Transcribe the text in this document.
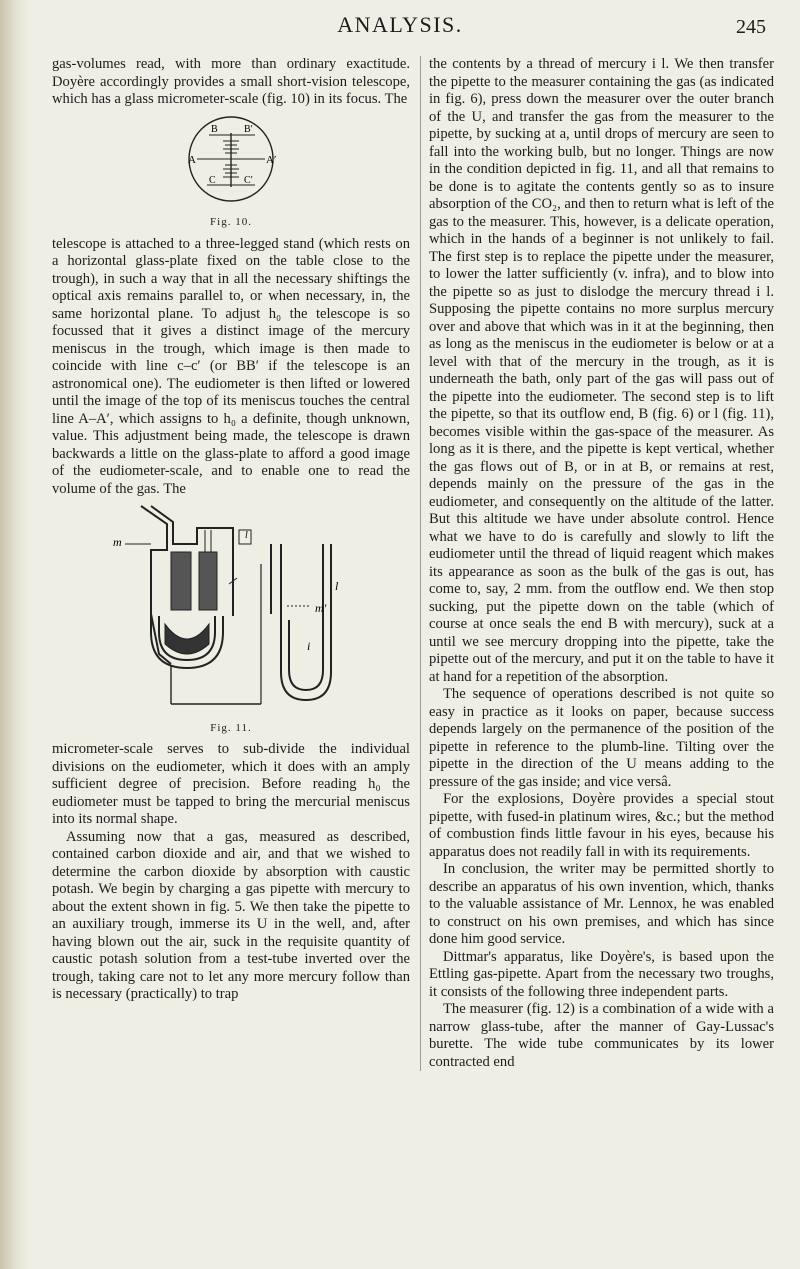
ANALYSIS.	245

gas-volumes read, with more than ordinary exactitude. Doyère accordingly provides a small short-vision telescope, which has a glass micrometer-scale (fig. 10) in its focus. The

B	B′
A	A′
C	C′
Fig. 10.

telescope is attached to a three-legged stand (which rests on a horizontal glass-plate fixed on the table close to the trough), in such a way that in all the necessary shiftings the optical axis remains parallel to, or when necessary, in, the same horizontal plane. To adjust h₀ the telescope is so focussed that it gives a distinct image of the mercury meniscus in the trough, which image is then made to coincide with line c–c′ (or BB′ if the telescope is an astronomical one). The eudiometer is then lifted or lowered until the image of the top of its meniscus touches the central line A–A′, which assigns to h₀ a definite, though unknown, value. This adjustment being made, the telescope is drawn backwards a little on the glass-plate to afford a good image of the eudiometer-scale, and to enable one to read the volume of the gas. The

m	l
l
i
m′
Fig. 11.

micrometer-scale serves to sub-divide the individual divisions on the eudiometer, which it does with an amply sufficient degree of precision. Before reading h₀ the eudiometer must be tapped to bring the mercurial meniscus into its normal shape.

Assuming now that a gas, measured as described, contained carbon dioxide and air, and that we wished to determine the carbon dioxide by absorption with caustic potash. We begin by charging a gas pipette with mercury to about the extent shown in fig. 5. We then take the pipette to an auxiliary trough, immerse its U in the well, and, after having blown out the air, suck in the requisite quantity of caustic potash solution from a test-tube inverted over the trough, taking care not to let any more mercury follow than is necessary (practically) to trap

the contents by a thread of mercury i l. We then transfer the pipette to the measurer containing the gas (as indicated in fig. 6), press down the measurer over the outer branch of the U, and transfer the gas from the measurer to the pipette, by sucking at a, until drops of mercury are seen to fall into the working bulb, but no longer. Things are now in the condition depicted in fig. 11, and all that remains to be done is to agitate the contents gently so as to insure absorption of the CO₂, and then to return what is left of the gas to the measurer. This, however, is a delicate operation, which in the hands of a beginner is not unlikely to fail. The first step is to replace the pipette under the measurer, to lower the latter sufficiently (v. infra), and to blow into the pipette so as just to dislodge the mercury thread i l. Supposing the pipette contains no more surplus mercury over and above that which was in it at the beginning, then as long as the meniscus in the eudiometer is below or at a level with that of the mercury in the trough, as it is underneath the bath, only part of the gas will pass out of the pipette into the eudiometer. The second step is to lift the pipette, so that its outflow end, B (fig. 6) or l (fig. 11), becomes visible within the gas-space of the measurer. As long as it is there, and the pipette is kept vertical, whether the gas flows out of B, or in at B, or remains at rest, depends mainly on the pressure of the gas in the eudiometer, and consequently on the altitude of the latter. But this altitude we have under absolute control. Hence what we have to do is carefully and slowly to lift the eudiometer until the thread of liquid reagent which makes its appearance as soon as the bulk of the gas is out, has come to, say, 2 mm. from the outflow end. We then stop sucking, put the pipette down on the table (which of course at once seals the end B with mercury), suck at a until we see mercury dropping into the pipette, take the pipette out of the mercury, and put it on the table to have it at hand for a repetition of the absorption.

The sequence of operations described is not quite so easy in practice as it looks on paper, because success depends largely on the permanence of the position of the pipette in reference to the plumb-line. Tilting over the pipette in the direction of the U means adding to the pressure of the gas inside; and vice versâ.

For the explosions, Doyère provides a special stout pipette, with fused-in platinum wires, &c.; but the method of combustion finds little favour in his eyes, because his apparatus does not readily fall in with its requirements.

In conclusion, the writer may be permitted shortly to describe an apparatus of his own invention, which, thanks to the valuable assistance of Mr. Lennox, he was enabled to construct on his own premises, and which has since done him good service.

Dittmar's apparatus, like Doyère's, is based upon the Ettling gas-pipette. Apart from the necessary two troughs, it consists of the following three independent parts.

The measurer (fig. 12) is a combination of a wide with a narrow glass-tube, after the manner of Gay-Lussac's burette. The wide tube communicates by its lower contracted end
